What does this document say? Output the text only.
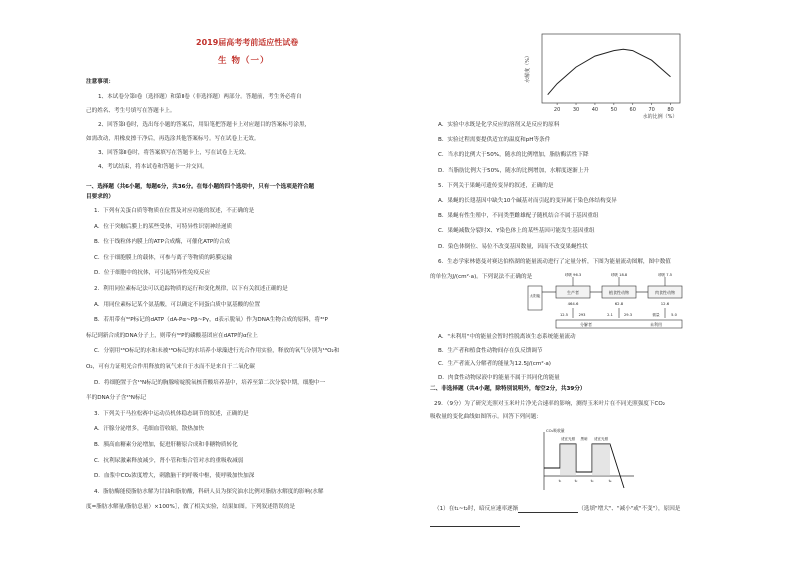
2019届高考考前适应性试卷
生 物（一）
注意事项：
1、本试卷分第Ⅰ卷（选择题）和第Ⅱ卷（非选择题）两部分。答题前，考生务必将自
己的姓名、考生号填写在答题卡上。
2、回答第Ⅰ卷时，选出每小题的答案后，用铅笔把答题卡上对应题目的答案标号涂黑，
如需改动，用橡皮擦干净后，再选涂其他答案标号。写在试卷上无效。
3、回答第Ⅱ卷时，将答案填写在答题卡上，写在试卷上无效。
4、考试结束，将本试卷和答题卡一并交回。
一、选择题（共6小题，每题6分，共36分。在每小题的四个选项中，只有一个选项是符合题
目要求的）
1．下列有关蛋白质等物质在位置及对应功能的叙述，不正确的是
A．位于突触后膜上的某些受体，可特异性识别神经递质
B．位于线粒体内膜上的ATP合成酶，可催化ATP的合成
C．位于细胞膜上的载体，可参与离子等物质的跨膜运输
D．位于细胞中的抗体，可引起特异性免疫反应
2．利用同位素标记法可以追踪物质的运行和变化规律，以下有关叙述正确的是
A．用同位素标记某个氨基酸，可以确定不同蛋白质中氨基酸的位置
B．若用带有³²P标记的dATP（dA-Pα~Pβ~Pγ，d表示脱氧）作为DNA生物合成的原料，将³²P
标记到新合成的DNA分子上，则带有³²P的磷酸基团应在dATP的α位上
C．分别用¹⁸O标记的水和未被¹⁸O标记的水培养小球藻进行光合作用实验，释放的氧气分别为¹⁸O₂和
O₂，可有力证明光合作用释放的氧气来自于水而不是来自于二氧化碳
D．将细胞置于含¹⁵N标记的胸腺嘧啶脱氧核苷酸培养基中，培养至第二次分裂中期，细胞中一
半的DNA分子含¹⁵N标记
3．下列关于马拉松赛中运动员机体稳态调节的叙述，正确的是
A．汗腺分泌增多，毛细血管收缩，散热加快
B．胰高血糖素分泌增加，促进肝糖原合成和非糖物质转化
C．抗利尿激素释放减少，肾小管和集合管对水的重吸收减弱
D．血浆中CO₂浓度增大，刺激脑干的呼吸中枢，使呼吸加快加深
4．脂肪酶能使脂肪水解为甘油和脂肪酸，科研人员为探究油水比例对脂肪水解度的影响(水解
度=脂肪水解量/脂肪总量）×100%］，做了相关实验，结果如图。下列叙述错误的是
20	30	40	50	60	70	80
水解度（%）
水的比例（%）
A．实验中水既是化学反应的溶剂又是反应的原料
B．实验过程需要提供适宜的温度和pH等条件
C．当水的比例大于50%，随水的比例增加，脂肪酶活性下降
D．当脂肪比例大于50%，随水的比例增加，水解度逐渐上升
5．下列关于果蝇可遗传变异的叙述，正确的是
A．果蝇的长翅基因中缺失10个碱基对而引起的变异属于染色体结构变异
B．果蝇有性生殖中，不同类型雌雄配子随机结合不属于基因重组
C．果蝇减数分裂时X、Y染色体上的某些基因可能发生基因重组
D．染色体倒位、易位不改变基因数量，因而不改变果蝇性状
6．生态学家林德曼对赛达伯格湖的能量流动进行了定量分析，下图为能量流动图解，图中数值
的单位为J/(cm²·a)。下列说法不正确的是
太阳能
生产者
464.6
呼吸 96.3
12.5	293
植食性动物
62.8
呼吸 18.8
2.1	29.3
肉食性动物
12.6
呼吸 7.5
微量	5.0
分解者	未利用
A．"未利用"中的能量会暂时性脱离该生态系统能量流动
B．生产者和植食性动物间存在负反馈调节
C．生产者流入分解者的能量为12.5J/(cm²·a)
D．肉食性动物尿液中的能量不属于其同化的能量
二、非选择题（共4小题，除特别说明外，每空2分，共39分）
29．（9分）为了研究光照对玉米叶片净光合速率的影响，测得玉米叶片在不同光照强度下CO₂
吸收量的变化曲线如图所示。回答下列问题：
CO₂吸收量
适宜光照 黑暗 适宜光照
t₁	t₂	t₃	t₄
（1）在t₁~t₂时，暗反应速率逐渐	（选填"增大"、"减小"或"不变"），原因是
